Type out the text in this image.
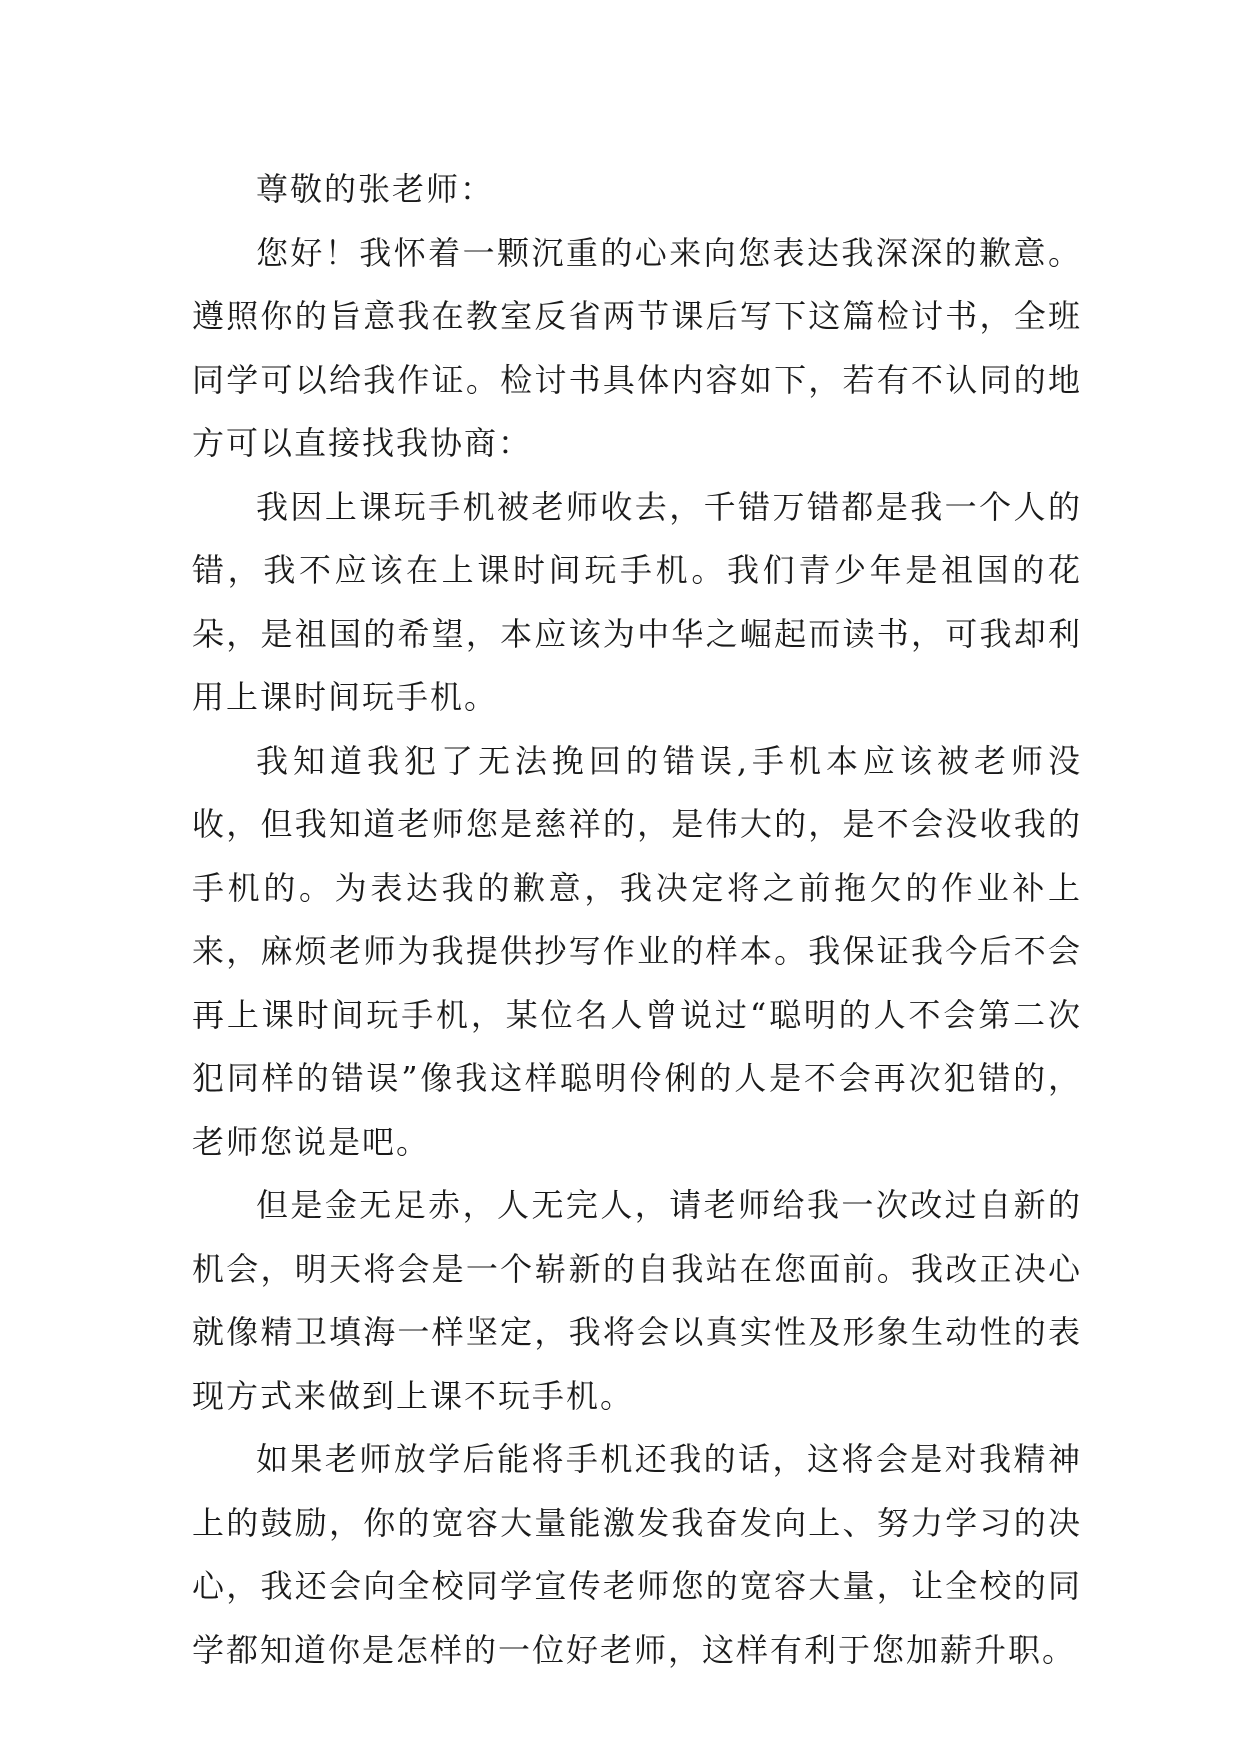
尊敬的张老师：

您好！我怀着一颗沉重的心来向您表达我深深的歉意。遵照你的旨意我在教室反省两节课后写下这篇检讨书，全班同学可以给我作证。检讨书具体内容如下，若有不认同的地方可以直接找我协商：

我因上课玩手机被老师收去，千错万错都是我一个人的错，我不应该在上课时间玩手机。我们青少年是祖国的花朵，是祖国的希望，本应该为中华之崛起而读书，可我却利用上课时间玩手机。

我知道我犯了无法挽回的错误,手机本应该被老师没收，但我知道老师您是慈祥的，是伟大的，是不会没收我的手机的。为表达我的歉意，我决定将之前拖欠的作业补上来，麻烦老师为我提供抄写作业的样本。我保证我今后不会再上课时间玩手机，某位名人曾说过“聪明的人不会第二次犯同样的错误”像我这样聪明伶俐的人是不会再次犯错的，老师您说是吧。

但是金无足赤，人无完人，请老师给我一次改过自新的机会，明天将会是一个崭新的自我站在您面前。我改正决心就像精卫填海一样坚定，我将会以真实性及形象生动性的表现方式来做到上课不玩手机。

如果老师放学后能将手机还我的话，这将会是对我精神上的鼓励，你的宽容大量能激发我奋发向上、努力学习的决心，我还会向全校同学宣传老师您的宽容大量，让全校的同学都知道你是怎样的一位好老师，这样有利于您加薪升职。
